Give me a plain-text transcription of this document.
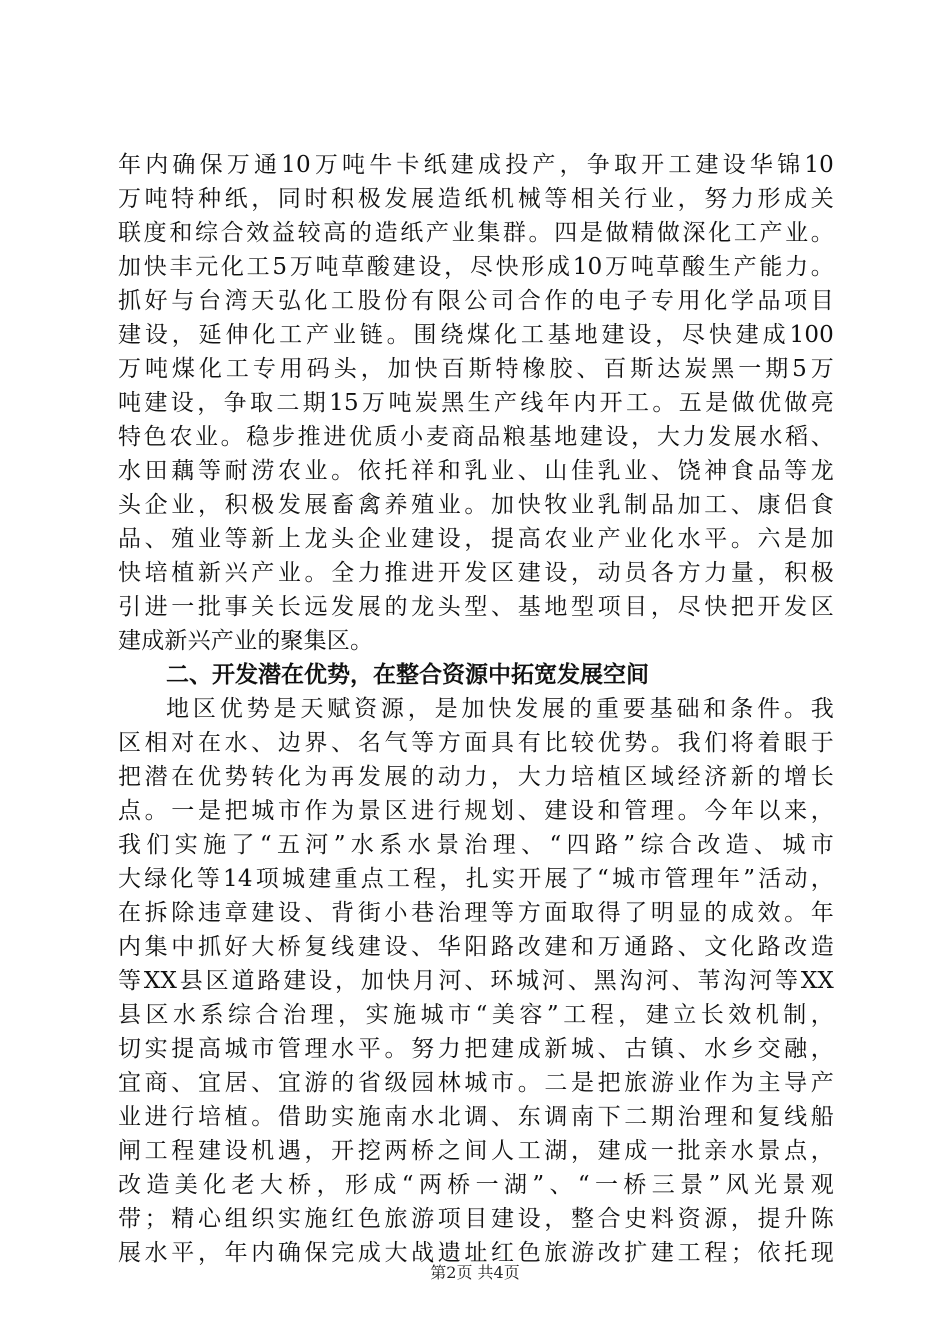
年内确保万通10万吨牛卡纸建成投产，争取开工建设华锦10
万吨特种纸，同时积极发展造纸机械等相关行业，努力形成关
联度和综合效益较高的造纸产业集群。四是做精做深化工产业。
加快丰元化工5万吨草酸建设，尽快形成10万吨草酸生产能力。
抓好与台湾天弘化工股份有限公司合作的电子专用化学品项目
建设，延伸化工产业链。围绕煤化工基地建设，尽快建成100
万吨煤化工专用码头，加快百斯特橡胶、百斯达炭黑一期5万
吨建设，争取二期15万吨炭黑生产线年内开工。五是做优做亮
特色农业。稳步推进优质小麦商品粮基地建设，大力发展水稻、
水田藕等耐涝农业。依托祥和乳业、山佳乳业、饶神食品等龙
头企业，积极发展畜禽养殖业。加快牧业乳制品加工、康侣食
品、殖业等新上龙头企业建设，提高农业产业化水平。六是加
快培植新兴产业。全力推进开发区建设，动员各方力量，积极
引进一批事关长远发展的龙头型、基地型项目，尽快把开发区
建成新兴产业的聚集区。
二、开发潜在优势，在整合资源中拓宽发展空间
地区优势是天赋资源，是加快发展的重要基础和条件。我
区相对在水、边界、名气等方面具有比较优势。我们将着眼于
把潜在优势转化为再发展的动力，大力培植区域经济新的增长
点。一是把城市作为景区进行规划、建设和管理。今年以来，
我们实施了“五河”水系水景治理、“四路”综合改造、城市
大绿化等14项城建重点工程，扎实开展了“城市管理年”活动，
在拆除违章建设、背街小巷治理等方面取得了明显的成效。年
内集中抓好大桥复线建设、华阳路改建和万通路、文化路改造
等XX县区道路建设，加快月河、环城河、黑沟河、苇沟河等XX
县区水系综合治理，实施城市“美容”工程，建立长效机制，
切实提高城市管理水平。努力把建成新城、古镇、水乡交融，
宜商、宜居、宜游的省级园林城市。二是把旅游业作为主导产
业进行培植。借助实施南水北调、东调南下二期治理和复线船
闸工程建设机遇，开挖两桥之间人工湖，建成一批亲水景点，
改造美化老大桥，形成“两桥一湖”、“一桥三景”风光景观
带；精心组织实施红色旅游项目建设，整合史料资源，提升陈
展水平，年内确保完成大战遗址红色旅游改扩建工程；依托现
第2页 共4页
